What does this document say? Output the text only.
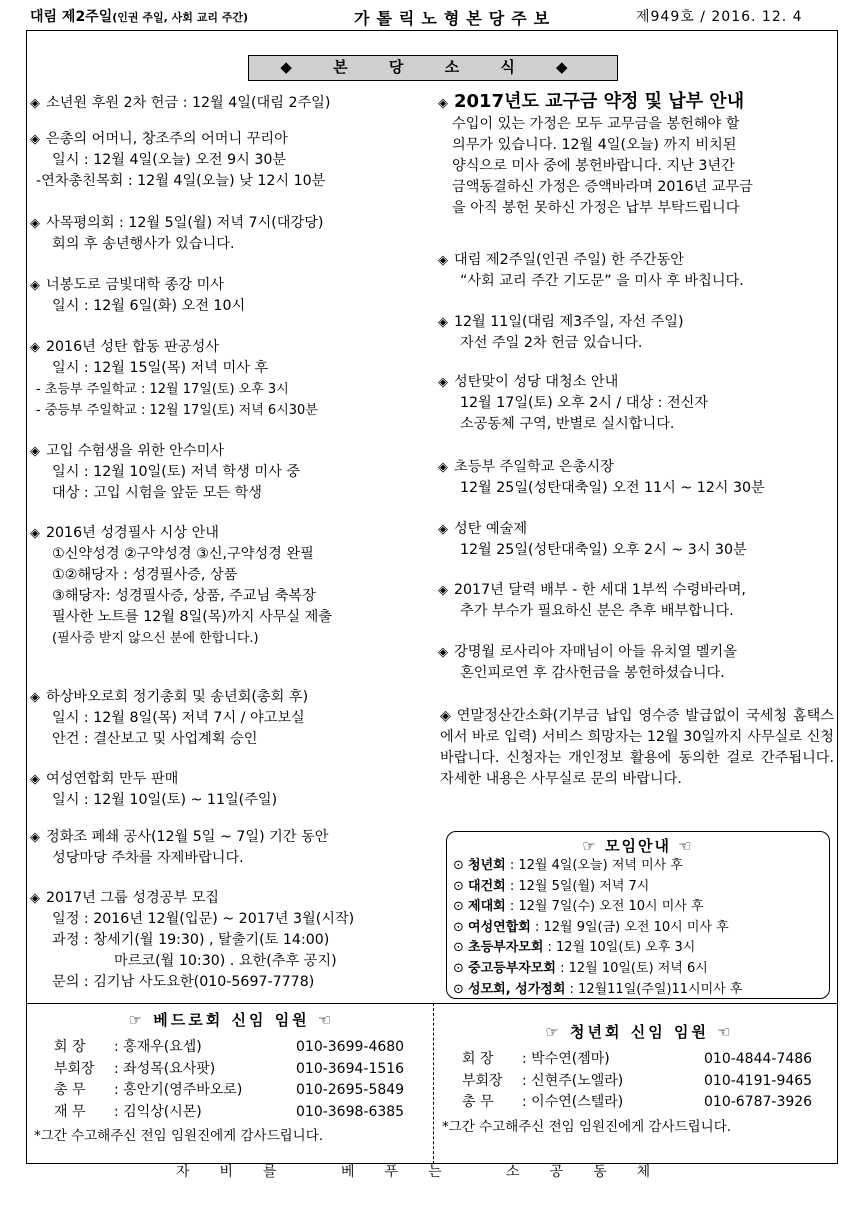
대림 제2주일(인권 주일, 사회 교리 주간)	가톨릭노형본당주보	제949호 / 2016. 12. 4
◆ 본 당 소 식 ◆
◈ 소년원 후원 2차 헌금 : 12월 4일(대림 2주일)
◈ 은총의 어머니, 창조주의 어머니 꾸리아
일시 : 12월 4일(오늘) 오전 9시 30분
-연차총친목회 : 12월 4일(오늘) 낮 12시 10분
◈ 사목평의회 : 12월 5일(월) 저녁 7시(대강당)
회의 후 송년행사가 있습니다.
◈ 너봉도로 금빛대학 종강 미사
일시 : 12월 6일(화) 오전 10시
◈ 2016년 성탄 합동 판공성사
일시 : 12월 15일(목) 저녁 미사 후
- 초등부 주일학교 : 12월 17일(토) 오후 3시
- 중등부 주일학교 : 12월 17일(토) 저녁 6시30분
◈ 고입 수험생을 위한 안수미사
일시 : 12월 10일(토) 저녁 학생 미사 중
대상 : 고입 시험을 앞둔 모든 학생
◈ 2016년 성경필사 시상 안내
①신약성경 ②구약성경 ③신,구약성경 완필
①②해당자 : 성경필사증, 상품
③해당자: 성경필사증, 상품, 주교님 축복장
필사한 노트를 12월 8일(목)까지 사무실 제출
(필사증 받지 않으신 분에 한합니다.)
◈ 하상바오로회 정기총회 및 송년회(총회 후)
일시 : 12월 8일(목) 저녁 7시 / 야고보실
안건 : 결산보고 및 사업계획 승인
◈ 여성연합회 만두 판매
일시 : 12월 10일(토) ~ 11일(주일)
◈ 정화조 폐쇄 공사(12월 5일 ~ 7일) 기간 동안
성당마당 주차를 자제바랍니다.
◈ 2017년 그룹 성경공부 모집
일정 : 2016년 12월(입문) ~ 2017년 3월(시작)
과정 : 창세기(월 19:30) , 탈출기(토 14:00)
마르코(월 10:30) . 요한(추후 공지)
문의 : 김기남 사도요한(010-5697-7778)
◈ 2017년도 교구금 약정 및 납부 안내
수입이 있는 가정은 모두 교무금을 봉헌해야 할
의무가 있습니다. 12월 4일(오늘) 까지 비치된
양식으로 미사 중에 봉헌바랍니다. 지난 3년간
금액동결하신 가정은 증액바라며 2016년 교무금
을 아직 봉헌 못하신 가정은 납부 부탁드립니다
◈ 대림 제2주일(인권 주일) 한 주간동안
“사회 교리 주간 기도문” 을 미사 후 바칩니다.
◈ 12월 11일(대림 제3주일, 자선 주일)
자선 주일 2차 헌금 있습니다.
◈ 성탄맞이 성당 대청소 안내
12월 17일(토) 오후 2시 / 대상 : 전신자
소공동체 구역, 반별로 실시합니다.
◈ 초등부 주일학교 은총시장
12월 25일(성탄대축일) 오전 11시 ~ 12시 30분
◈ 성탄 예술제
12월 25일(성탄대축일) 오후 2시 ~ 3시 30분
◈ 2017년 달력 배부 - 한 세대 1부씩 수령바라며,
추가 부수가 필요하신 분은 추후 배부합니다.
◈ 강명월 로사리아 자매님이 아들 유치열 멜키올
혼인피로연 후 감사헌금을 봉헌하셨습니다.
◈ 연말정산간소화(기부금 납입 영수증 발급없이 국세청 홈택스에서 바로 입력) 서비스 희망자는 12월 30일까지 사무실로 신청 바랍니다. 신청자는 개인정보 활용에 동의한 걸로 간주됩니다. 자세한 내용은 사무실로 문의 바랍니다.
☞ 모임안내 ☜
⊙ 청년회 : 12월 4일(오늘) 저녁 미사 후
⊙ 대건회 : 12월 5일(월) 저녁 7시
⊙ 제대회 : 12월 7일(수) 오전 10시 미사 후
⊙ 여성연합회 : 12월 9일(금) 오전 10시 미사 후
⊙ 초등부자모회 : 12월 10일(토) 오후 3시
⊙ 중고등부자모회 : 12월 10일(토) 저녁 6시
⊙ 성모회, 성가정회 : 12월11일(주일)11시미사 후
☞ 베드로회 신임 임원 ☜
회 장 : 홍재우(요셉)	010-3699-4680
부회장 : 좌성목(요사팟)	010-3694-1516
총 무 : 홍안기(영주바오로)	010-2695-5849
재 무 : 김익상(시몬)	010-3698-6385
*그간 수고해주신 전임 임원진에게 감사드립니다.
☞ 청년회 신임 임원 ☜
회 장 : 박수연(젬마)	010-4844-7486
부회장 : 신현주(노엘라)	010-4191-9465
총 무 : 이수연(스텔라)	010-6787-3926
*그간 수고해주신 전임 임원진에게 감사드립니다.
자비를 베푸는 소공동체
